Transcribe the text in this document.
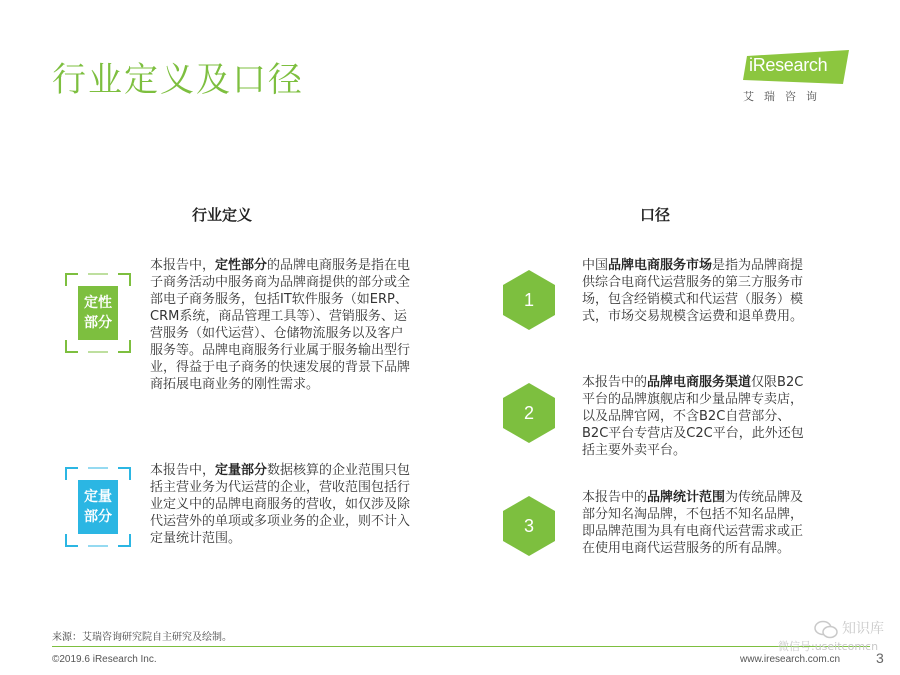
行业定义及口径	iResearch
艾瑞咨询
行业定义	口径
定性
部分
本报告中，定性部分的品牌电商服务是指在电子商务活动中服务商为品牌商提供的部分或全部电子商务服务，包括IT软件服务（如ERP、CRM系统，商品管理工具等）、营销服务、运营服务（如代运营）、仓储物流服务以及客户服务等。品牌电商服务行业属于服务输出型行业，得益于电子商务的快速发展的背景下品牌商拓展电商业务的刚性需求。
定量
部分
本报告中，定量部分数据核算的企业范围只包括主营业务为代运营的企业，营收范围包括行业定义中的品牌电商服务的营收，如仅涉及除代运营外的单项或多项业务的企业，则不计入定量统计范围。
1
中国品牌电商服务市场是指为品牌商提供综合电商代运营服务的第三方服务市场，包含经销模式和代运营（服务）模式，市场交易规模含运费和退单费用。
2
本报告中的品牌电商服务渠道仅限B2C平台的品牌旗舰店和少量品牌专卖店，以及品牌官网，不含B2C自营部分、B2C平台专营店及C2C平台，此外还包括主要外卖平台。
3
本报告中的品牌统计范围为传统品牌及部分知名淘品牌，不包括不知名品牌，即品牌范围为具有电商代运营需求或正在使用电商代运营服务的所有品牌。
来源：艾瑞咨询研究院自主研究及绘制。
©2019.6 iResearch Inc.	www.iresearch.com.cn	3
知识库
微信号:useitcomcn
